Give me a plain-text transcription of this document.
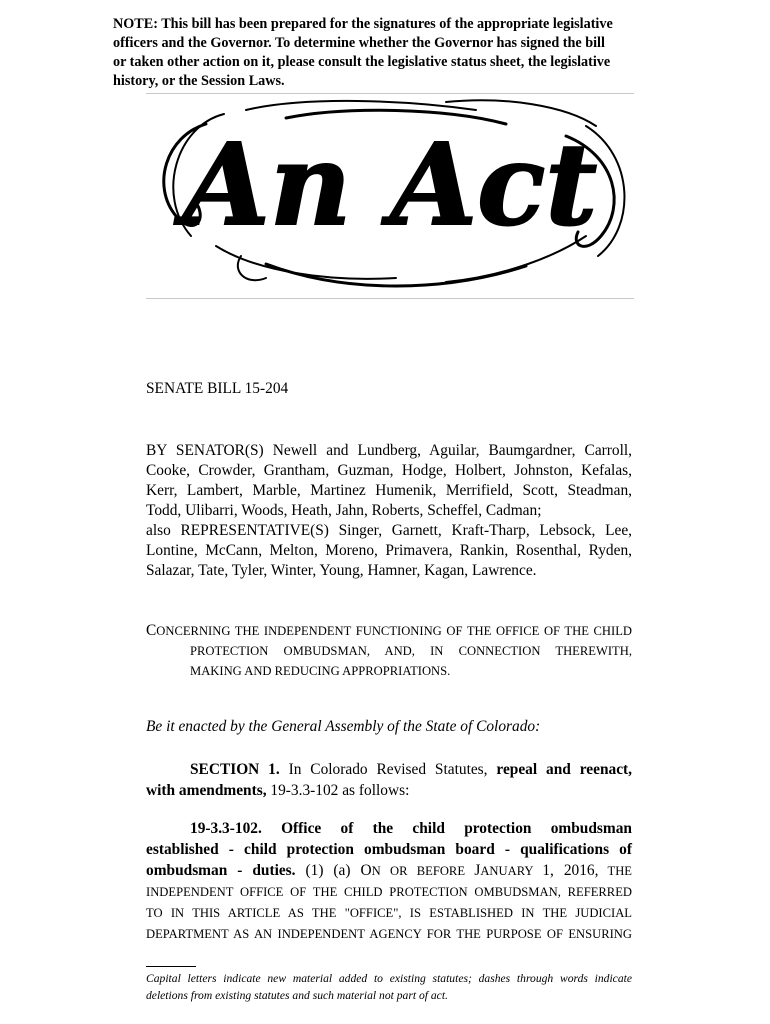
NOTE: This bill has been prepared for the signatures of the appropriate legislative
officers and the Governor. To determine whether the Governor has signed the bill
or taken other action on it, please consult the legislative status sheet, the legislative
history, or the Session Laws.
An Act
SENATE BILL 15-204
BY SENATOR(S) Newell and Lundberg, Aguilar, Baumgardner, Carroll,
Cooke, Crowder, Grantham, Guzman, Hodge, Holbert, Johnston, Kefalas,
Kerr, Lambert, Marble, Martinez Humenik, Merrifield, Scott, Steadman,
Todd, Ulibarri, Woods, Heath, Jahn, Roberts, Scheffel, Cadman;
also REPRESENTATIVE(S) Singer, Garnett, Kraft-Tharp, Lebsock, Lee,
Lontine, McCann, Melton, Moreno, Primavera, Rankin, Rosenthal, Ryden,
Salazar, Tate, Tyler, Winter, Young, Hamner, Kagan, Lawrence.
CONCERNING THE INDEPENDENT FUNCTIONING OF THE OFFICE OF THE CHILD
PROTECTION OMBUDSMAN, AND, IN CONNECTION THEREWITH,
MAKING AND REDUCING APPROPRIATIONS.
Be it enacted by the General Assembly of the State of Colorado:
SECTION 1. In Colorado Revised Statutes, repeal and reenact,
with amendments, 19-3.3-102 as follows:
19-3.3-102. Office of the child protection ombudsman
established - child protection ombudsman board - qualifications of
ombudsman - duties. (1) (a) ON OR BEFORE JANUARY 1, 2016, THE
INDEPENDENT OFFICE OF THE CHILD PROTECTION OMBUDSMAN, REFERRED
TO IN THIS ARTICLE AS THE "OFFICE", IS ESTABLISHED IN THE JUDICIAL
DEPARTMENT AS AN INDEPENDENT AGENCY FOR THE PURPOSE OF ENSURING
Capital letters indicate new material added to existing statutes; dashes through words indicate
deletions from existing statutes and such material not part of act.
